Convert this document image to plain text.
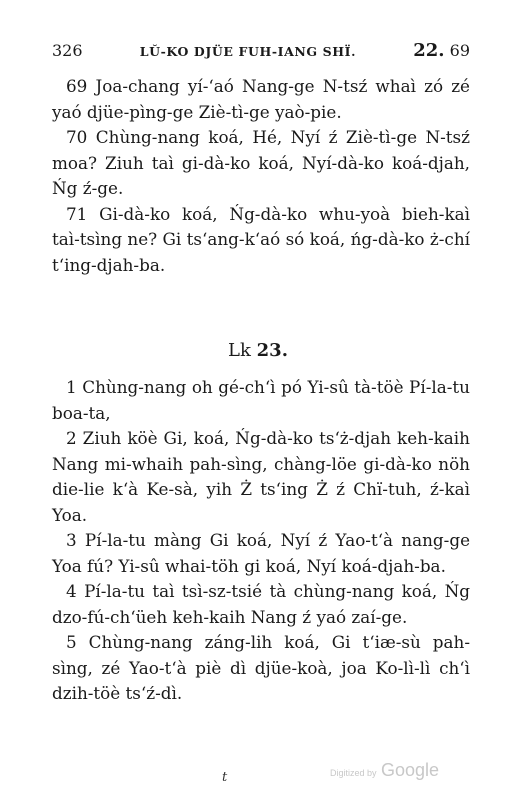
326	LŬ-KO DJÜE FUH-IANG SHÏ.	22. 69

69 Joa-chang yí-‘aó Nang-ge N-tsź whaì zó zé yaó djüe-pìng-ge Ziè-tì-ge yaò-pie.

70 Chùng-nang koá, Hé, Nyí ź Ziè-tì-ge N-tsź moa? Ziuh taì gi-dà-ko koá, Nyí-dà-ko koá-djah, Ńg ź-ge.

71 Gi-dà-ko koá, Ńg-dà-ko whu-yoà bieh-kaì taì-tsìng ne? Gi ts‘ang-k‘aó só koá, ńg-dà-ko ż-chí t‘ing-djah-ba.

Lk 23.

1 Chùng-nang oh gé-ch‘ì pó Yi-sû tà-töè Pí-la-tu boa-ta,

2 Ziuh köè Gi, koá, Ńg-dà-ko ts‘ż-djah keh-kaih Nang mi-whaih pah-sìng, chàng-löe gi-dà-ko nöh die-lie k‘à Ke-sà, yih Ż ts‘ing Ż ź Chï-tuh, ź-kaì Yoa.

3 Pí-la-tu màng Gi koá, Nyí ź Yao-t‘à nang-ge Yoa fú? Yi-sû whai-töh gi koá, Nyí koá-djah-ba.

4 Pí-la-tu taì tsì-sz-tsié tà chùng-nang koá, Ńg dzo-fú-ch‘üeh keh-kaih Nang ź yaó zaí-ge.

5 Chùng-nang záng-lih koá, Gi t‘iæ-sù pah-sìng, zé Yao-t‘à piè dì djüe-koà, joa Ko-lì-lì ch‘ì dzih-töè ts‘ź-dì.

t	Digitized by Google
